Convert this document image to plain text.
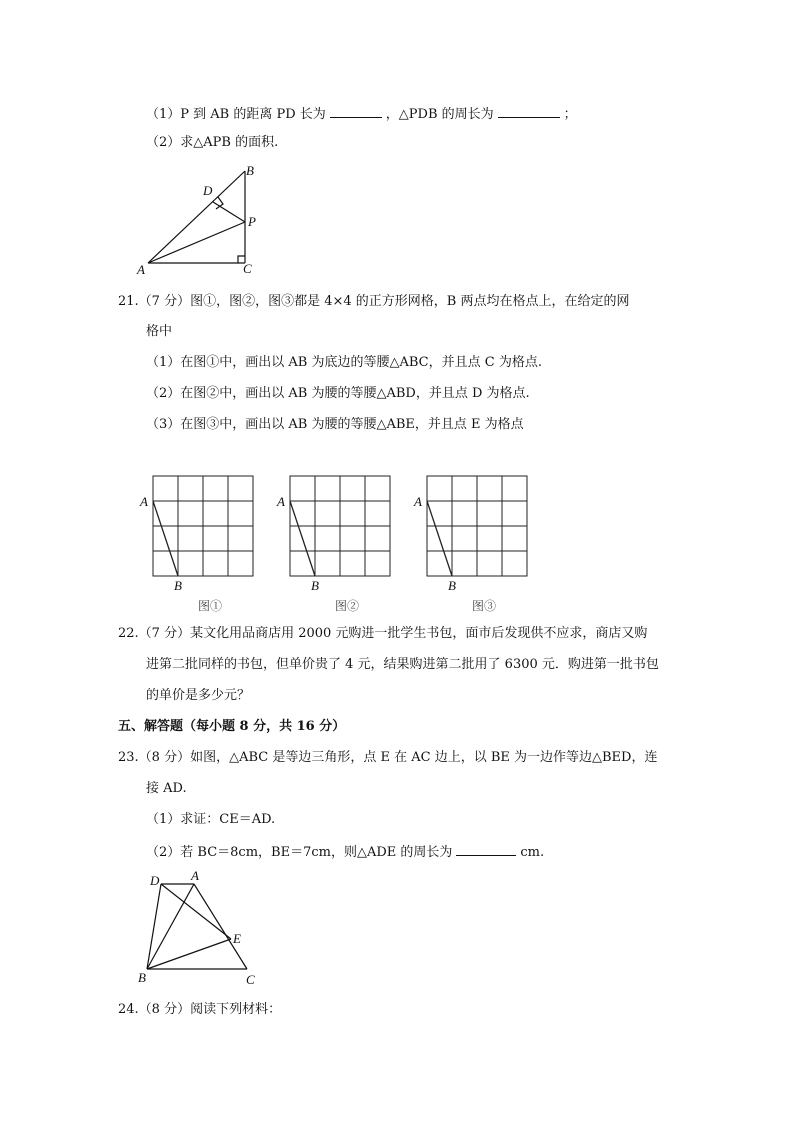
（1）P 到 AB 的距离 PD 长为	，△PDB 的周长为	；
（2）求△APB 的面积.
A
B
C
D
P
21.（7 分）图①，图②，图③都是 4×4 的正方形网格，B 两点均在格点上，在给定的网
格中
（1）在图①中，画出以 AB 为底边的等腰△ABC，并且点 C 为格点.
（2）在图②中，画出以 AB 为腰的等腰△ABD，并且点 D 为格点.
（3）在图③中，画出以 AB 为腰的等腰△ABE，并且点 E 为格点
A
B
A
B
A
B
图①	图②	图③
22.（7 分）某文化用品商店用 2000 元购进一批学生书包，面市后发现供不应求，商店又购
进第二批同样的书包，但单价贵了 4 元，结果购进第二批用了 6300 元．购进第一批书包
的单价是多少元？
五、解答题（每小题 8 分，共 16 分）
23.（8 分）如图，△ABC 是等边三角形，点 E 在 AC 边上，以 BE 为一边作等边△BED，连
接 AD.
（1）求证：CE＝AD.
（2）若 BC＝8cm，BE＝7cm，则△ADE 的周长为	cm.
D A
E
B	C
24.（8 分）阅读下列材料：
